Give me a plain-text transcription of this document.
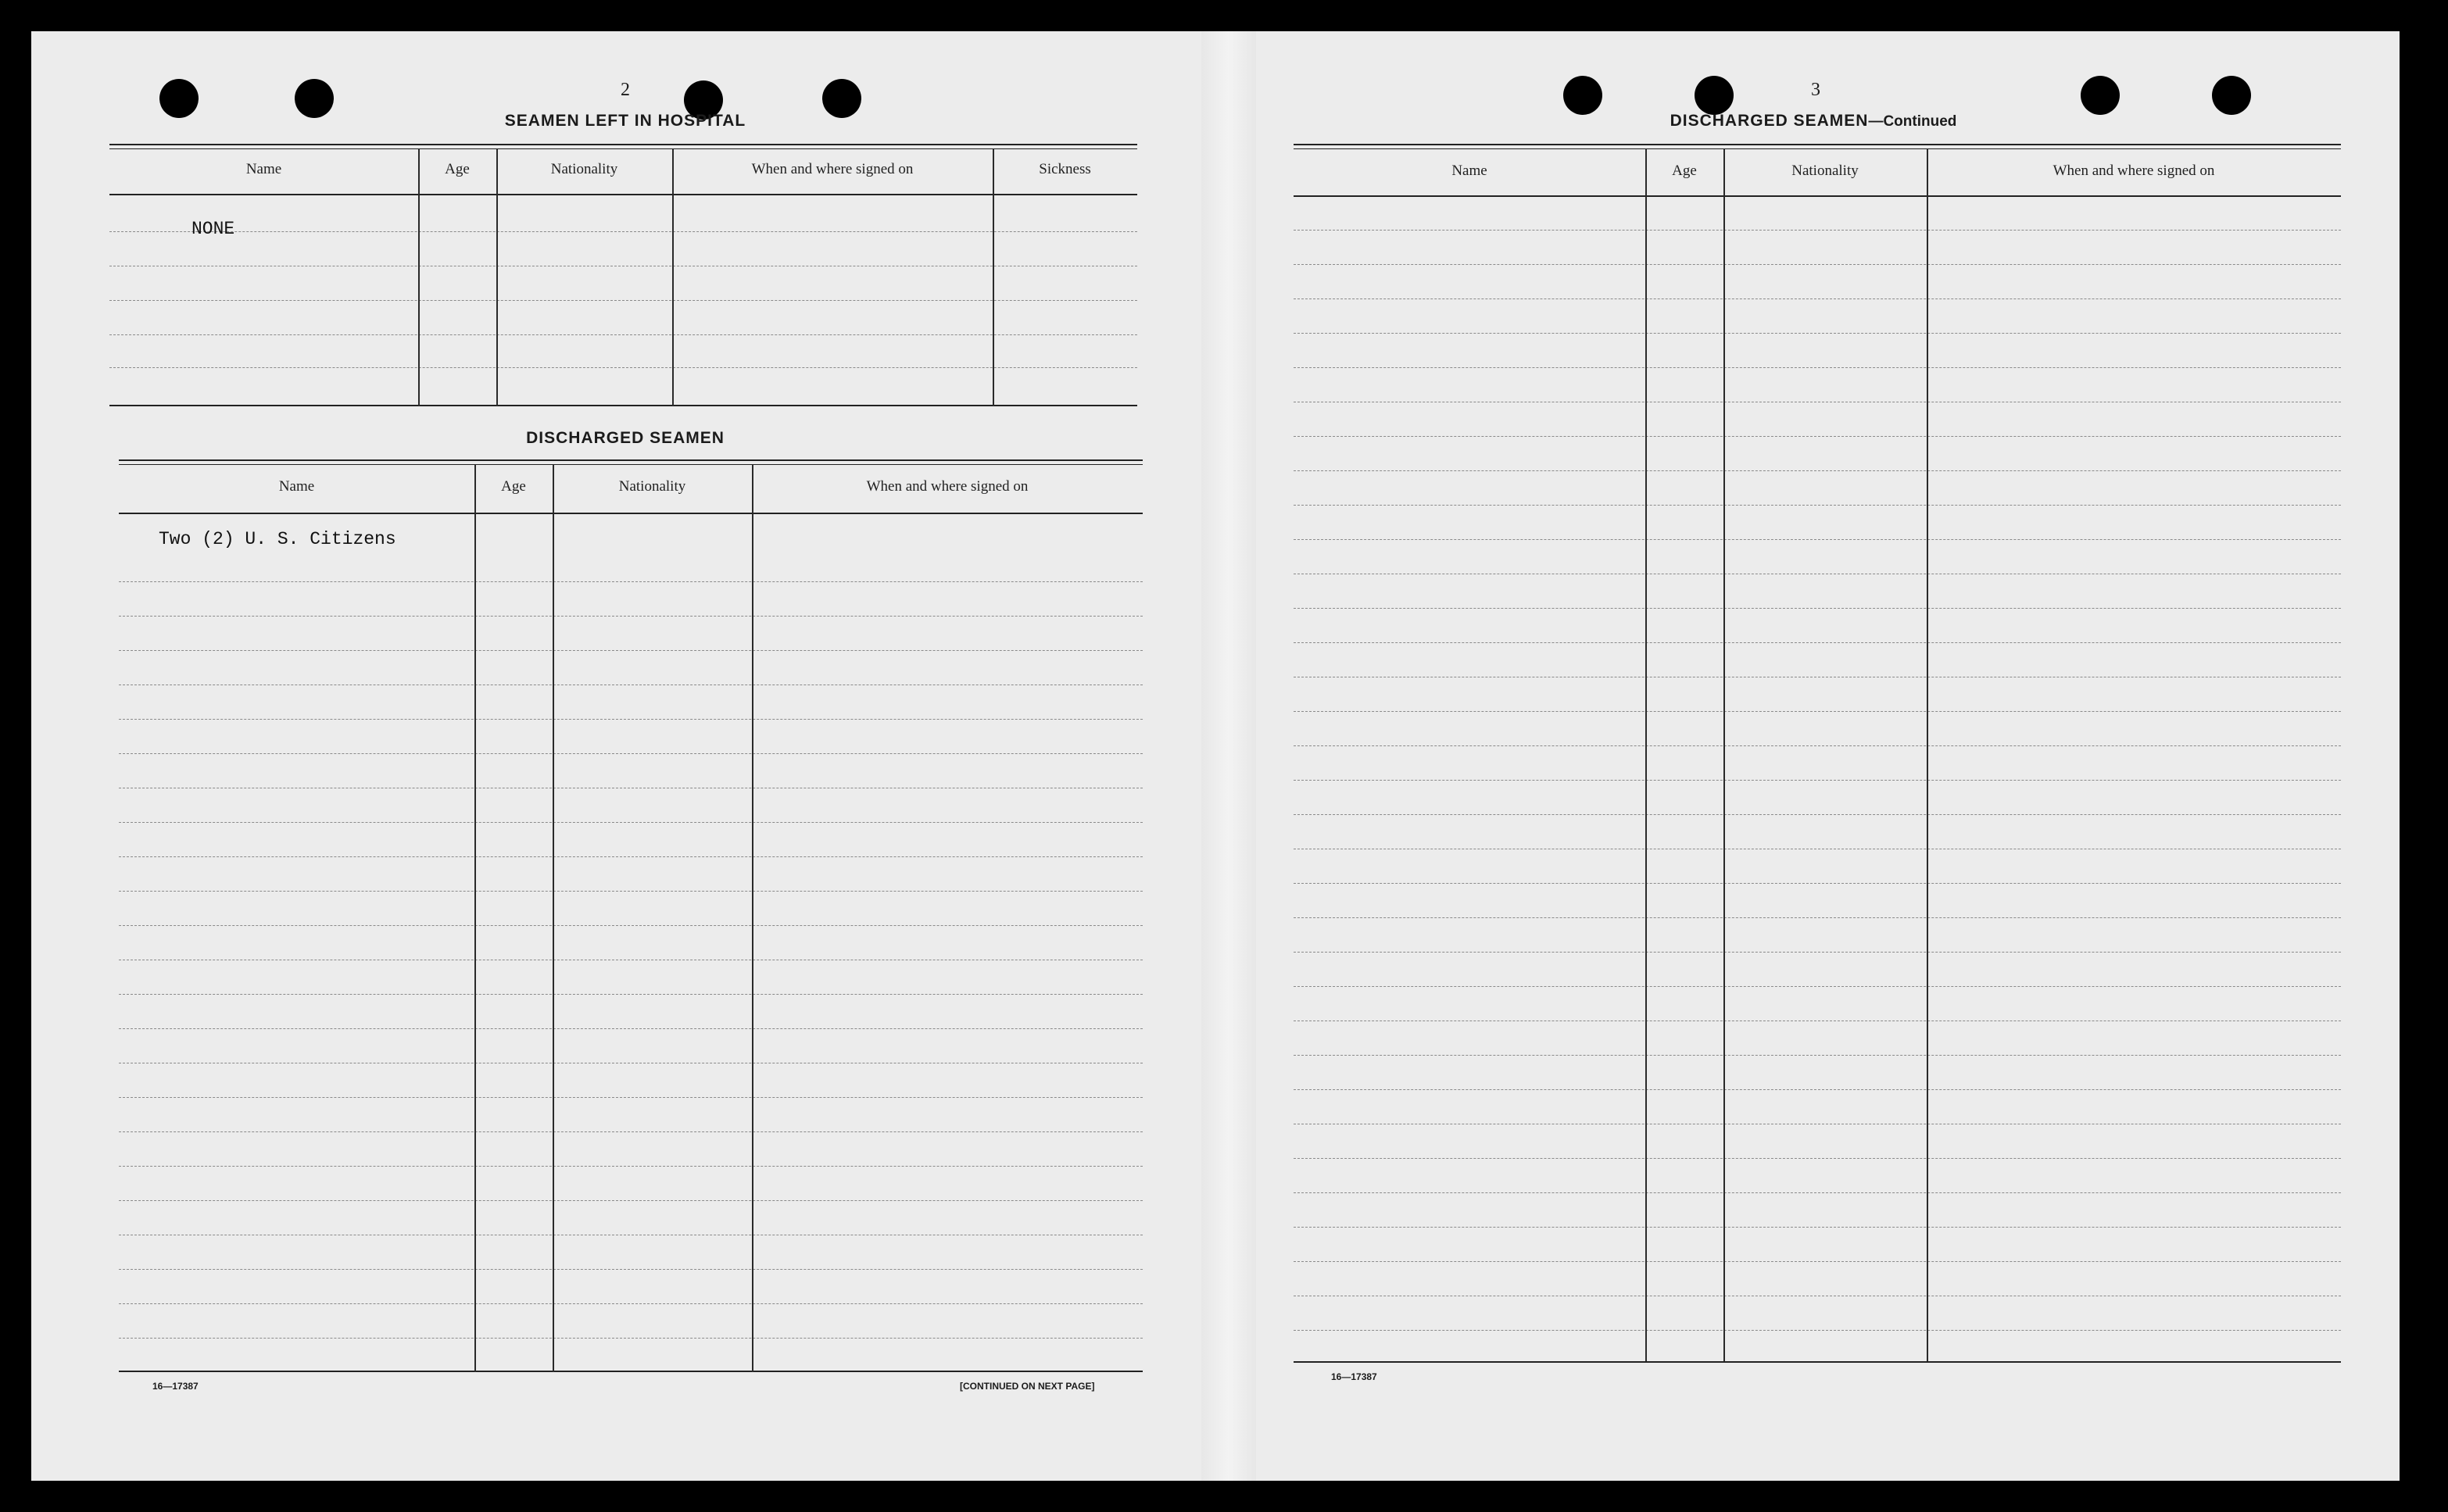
2
SEAMEN LEFT IN HOSPITAL
Name	Age	Nationality	When and where signed on	Sickness
NONE
DISCHARGED SEAMEN
Name	Age	Nationality	When and where signed on
Two (2) U. S. Citizens
16—17387	[CONTINUED ON NEXT PAGE]
3
DISCHARGED SEAMEN—Continued
Name	Age	Nationality	When and where signed on
16—17387
